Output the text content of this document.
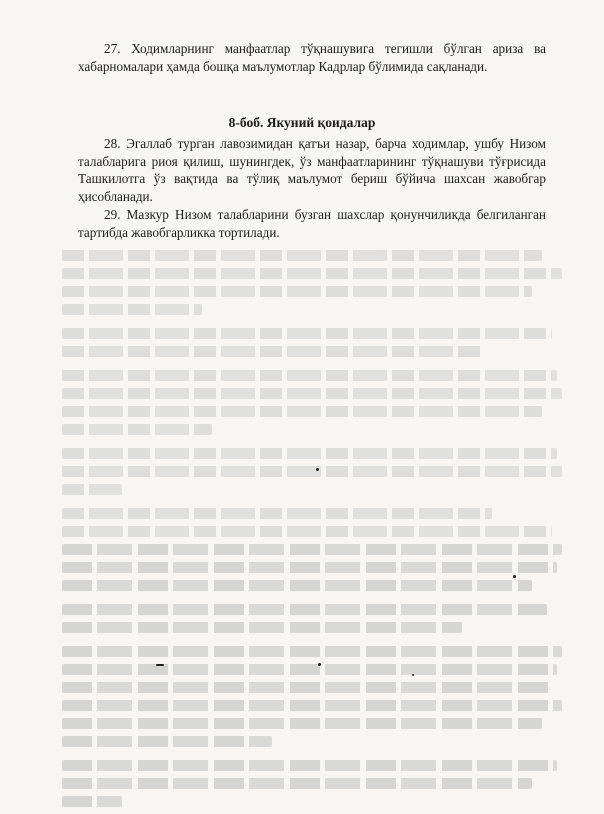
27. Ходимларнинг манфаатлар тўқнашувига тегишли бўлган ариза ва хабарномалари ҳамда бошқа маълумотлар Кадрлар бўлимида сақланади.

8-боб. Якуний қоидалар

28. Эгаллаб турган лавозимидан қатъи назар, барча ходимлар, ушбу Низом талабларига риоя қилиш, шунингдек, ўз манфаатларининг тўқнашуви тўғрисида Ташкилотга ўз вақтида ва тўлиқ маълумот бериш бўйича шахсан жавобгар ҳисобланади.

29. Мазкур Низом талабларини бузган шахслар қонунчиликда белгиланган тартибда жавобгарликка тортилади.
